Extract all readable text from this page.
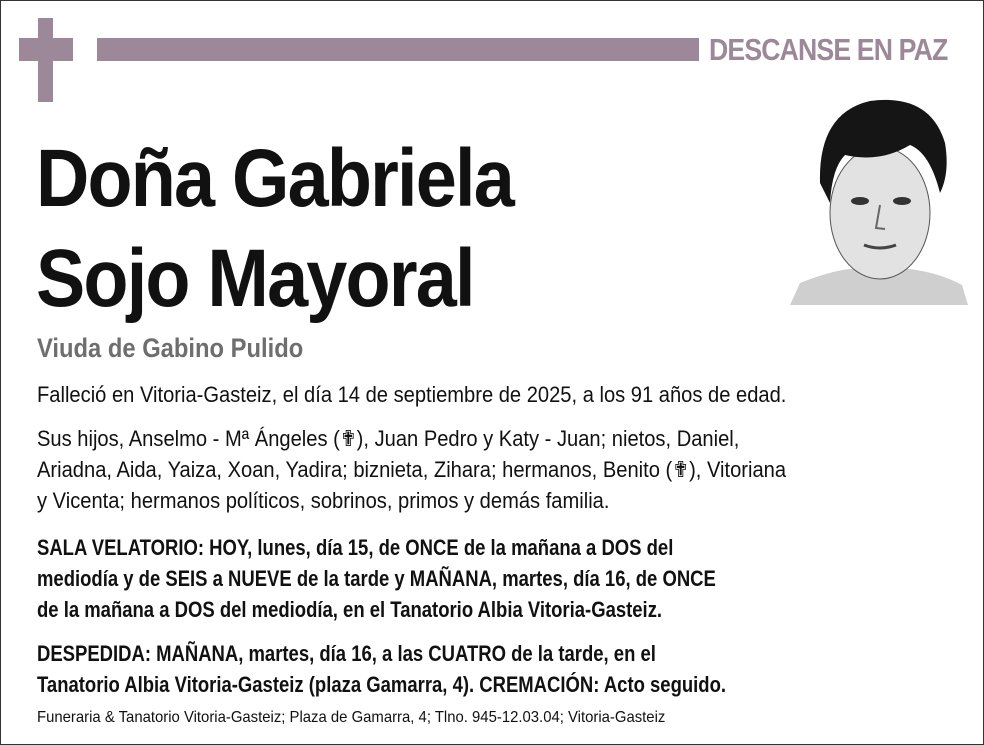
DESCANSE EN PAZ
Doña Gabriela
Sojo Mayoral
Viuda de Gabino Pulido
Falleció en Vitoria-Gasteiz, el día 14 de septiembre de 2025, a los 91 años de edad.
Sus hijos, Anselmo - Mª Ángeles (✟), Juan Pedro y Katy - Juan; nietos, Daniel,
Ariadna, Aida, Yaiza, Xoan, Yadira; biznieta, Zihara; hermanos, Benito (✟), Vitoriana
y Vicenta; hermanos políticos, sobrinos, primos y demás familia.
SALA VELATORIO: HOY, lunes, día 15, de ONCE de la mañana a DOS del
mediodía y de SEIS a NUEVE de la tarde y MAÑANA, martes, día 16, de ONCE
de la mañana a DOS del mediodía, en el Tanatorio Albia Vitoria-Gasteiz.
DESPEDIDA: MAÑANA, martes, día 16, a las CUATRO de la tarde, en el
Tanatorio Albia Vitoria-Gasteiz (plaza Gamarra, 4). CREMACIÓN: Acto seguido.
Funeraria & Tanatorio Vitoria-Gasteiz; Plaza de Gamarra, 4; Tlno. 945-12.03.04; Vitoria-Gasteiz
